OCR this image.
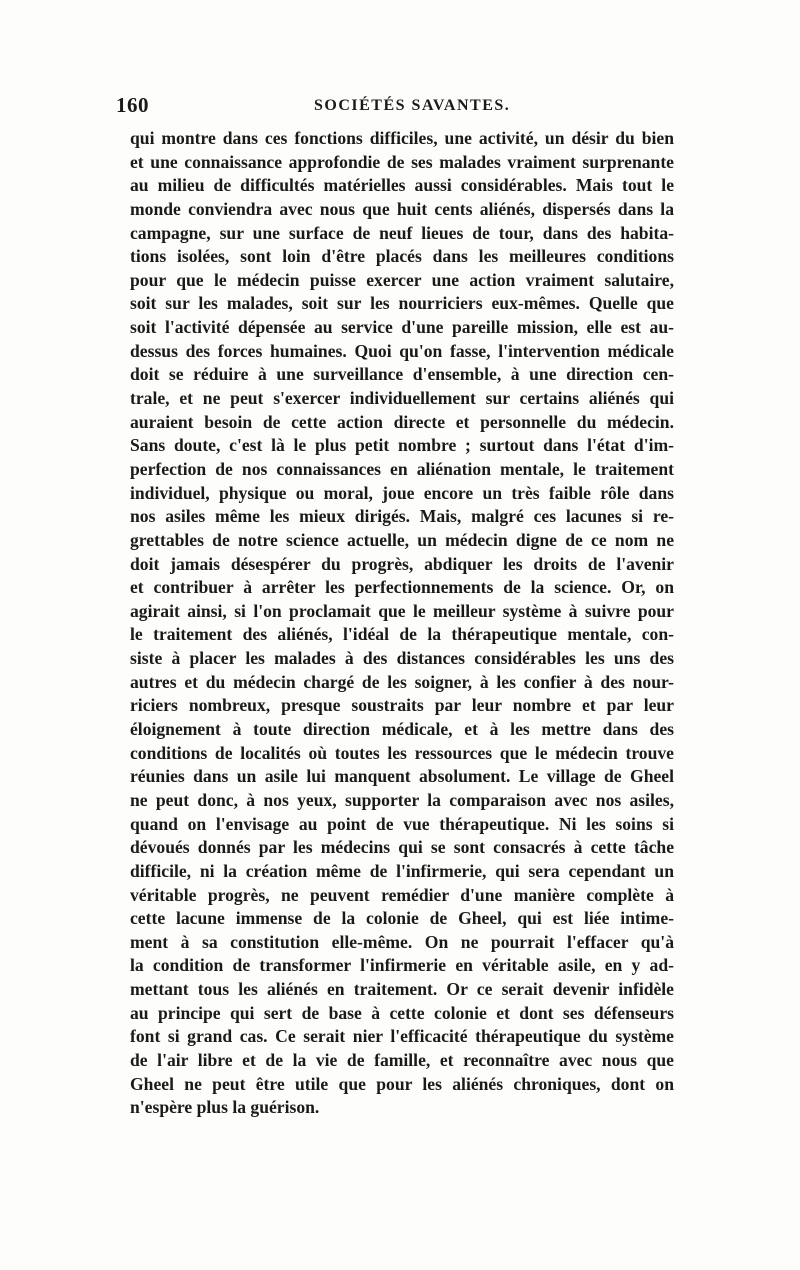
160	SOCIÉTÉS SAVANTES.
qui montre dans ces fonctions difficiles, une activité, un désir du bien
et une connaissance approfondie de ses malades vraiment surprenante
au milieu de difficultés matérielles aussi considérables. Mais tout le
monde conviendra avec nous que huit cents aliénés, dispersés dans la
campagne, sur une surface de neuf lieues de tour, dans des habita-
tions isolées, sont loin d'être placés dans les meilleures conditions
pour que le médecin puisse exercer une action vraiment salutaire,
soit sur les malades, soit sur les nourriciers eux-mêmes. Quelle que
soit l'activité dépensée au service d'une pareille mission, elle est au-
dessus des forces humaines. Quoi qu'on fasse, l'intervention médicale
doit se réduire à une surveillance d'ensemble, à une direction cen-
trale, et ne peut s'exercer individuellement sur certains aliénés qui
auraient besoin de cette action directe et personnelle du médecin.
Sans doute, c'est là le plus petit nombre ; surtout dans l'état d'im-
perfection de nos connaissances en aliénation mentale, le traitement
individuel, physique ou moral, joue encore un très faible rôle dans
nos asiles même les mieux dirigés. Mais, malgré ces lacunes si re-
grettables de notre science actuelle, un médecin digne de ce nom ne
doit jamais désespérer du progrès, abdiquer les droits de l'avenir
et contribuer à arrêter les perfectionnements de la science. Or, on
agirait ainsi, si l'on proclamait que le meilleur système à suivre pour
le traitement des aliénés, l'idéal de la thérapeutique mentale, con-
siste à placer les malades à des distances considérables les uns des
autres et du médecin chargé de les soigner, à les confier à des nour-
riciers nombreux, presque soustraits par leur nombre et par leur
éloignement à toute direction médicale, et à les mettre dans des
conditions de localités où toutes les ressources que le médecin trouve
réunies dans un asile lui manquent absolument. Le village de Gheel
ne peut donc, à nos yeux, supporter la comparaison avec nos asiles,
quand on l'envisage au point de vue thérapeutique. Ni les soins si
dévoués donnés par les médecins qui se sont consacrés à cette tâche
difficile, ni la création même de l'infirmerie, qui sera cependant un
véritable progrès, ne peuvent remédier d'une manière complète à
cette lacune immense de la colonie de Gheel, qui est liée intime-
ment à sa constitution elle-même. On ne pourrait l'effacer qu'à
la condition de transformer l'infirmerie en véritable asile, en y ad-
mettant tous les aliénés en traitement. Or ce serait devenir infidèle
au principe qui sert de base à cette colonie et dont ses défenseurs
font si grand cas. Ce serait nier l'efficacité thérapeutique du système
de l'air libre et de la vie de famille, et reconnaître avec nous que
Gheel ne peut être utile que pour les aliénés chroniques, dont on
n'espère plus la guérison.
